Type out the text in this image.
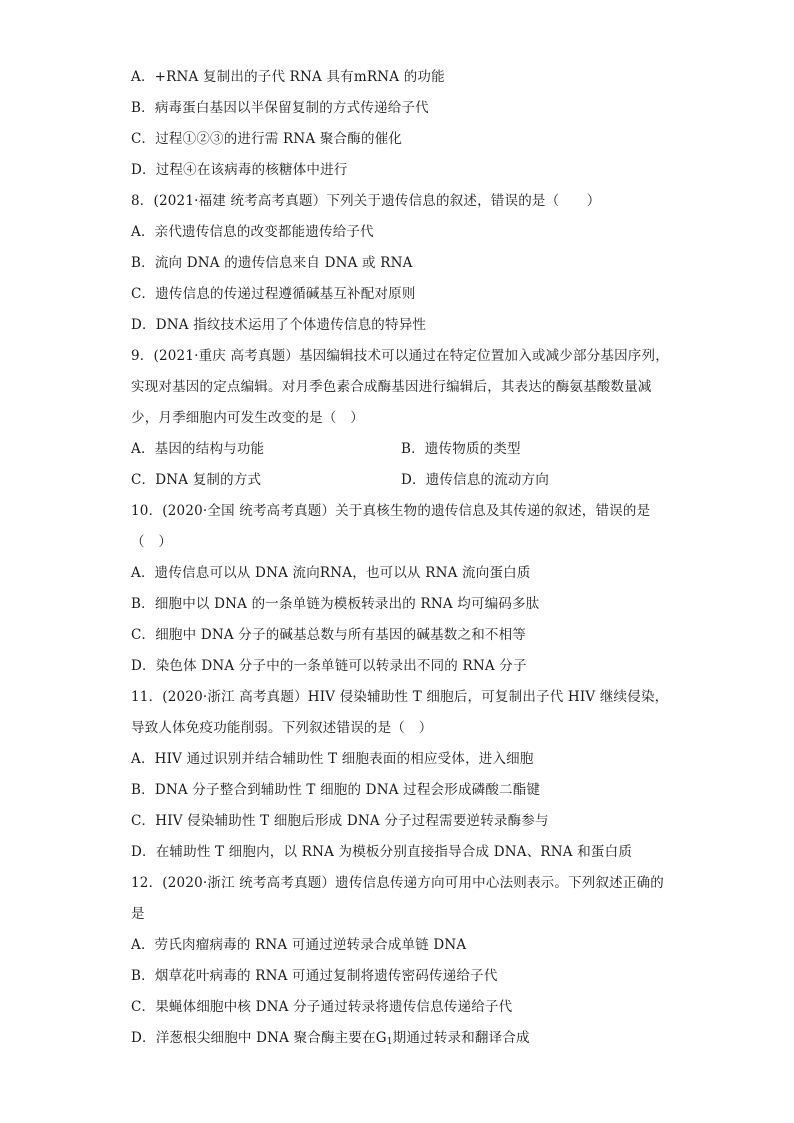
A．+RNA 复制出的子代 RNA 具有mRNA 的功能
B．病毒蛋白基因以半保留复制的方式传递给子代
C．过程①②③的进行需 RNA 聚合酶的催化
D．过程④在该病毒的核糖体中进行
8．(2021·福建 统考高考真题）下列关于遗传信息的叙述，错误的是（　　）
A．亲代遗传信息的改变都能遗传给子代
B．流向 DNA 的遗传信息来自 DNA 或 RNA
C．遗传信息的传递过程遵循碱基互补配对原则
D．DNA 指纹技术运用了个体遗传信息的特异性
9．(2021·重庆 高考真题）基因编辑技术可以通过在特定位置加入或减少部分基因序列，
实现对基因的定点编辑。对月季色素合成酶基因进行编辑后，其表达的酶氨基酸数量减
少，月季细胞内可发生改变的是（　）
A．基因的结构与功能	B．遗传物质的类型
C．DNA 复制的方式	D．遗传信息的流动方向
10．(2020·全国 统考高考真题）关于真核生物的遗传信息及其传递的叙述，错误的是
（　）
A．遗传信息可以从 DNA 流向RNA，也可以从 RNA 流向蛋白质
B．细胞中以 DNA 的一条单链为模板转录出的 RNA 均可编码多肽
C．细胞中 DNA 分子的碱基总数与所有基因的碱基数之和不相等
D．染色体 DNA 分子中的一条单链可以转录出不同的 RNA 分子
11．(2020·浙江 高考真题）HIV 侵染辅助性 T 细胞后，可复制出子代 HIV 继续侵染，
导致人体免疫功能削弱。下列叙述错误的是（　）
A．HIV 通过识别并结合辅助性 T 细胞表面的相应受体，进入细胞
B．DNA 分子整合到辅助性 T 细胞的 DNA 过程会形成磷酸二酯键
C．HIV 侵染辅助性 T 细胞后形成 DNA 分子过程需要逆转录酶参与
D．在辅助性 T 细胞内，以 RNA 为模板分别直接指导合成 DNA、RNA 和蛋白质
12．(2020·浙江 统考高考真题）遗传信息传递方向可用中心法则表示。下列叙述正确的
是
A．劳氏肉瘤病毒的 RNA 可通过逆转录合成单链 DNA
B．烟草花叶病毒的 RNA 可通过复制将遗传密码传递给子代
C．果蝇体细胞中核 DNA 分子通过转录将遗传信息传递给子代
D．洋葱根尖细胞中 DNA 聚合酶主要在$G_1$期通过转录和翻译合成
